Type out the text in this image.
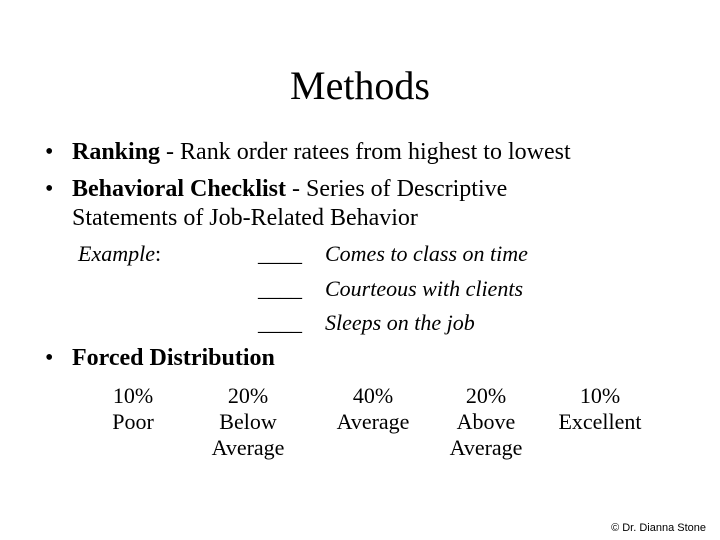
Methods
• Ranking - Rank order ratees from highest to lowest
• Behavioral Checklist - Series of Descriptive
Statements of Job-Related Behavior
Example:	____ Comes to class on time
____ Courteous with clients
____ Sleeps on the job
• Forced Distribution
10%
Poor
20%
Below
Average
40%
Average
20%
Above
Average
10%
Excellent
© Dr. Dianna Stone
